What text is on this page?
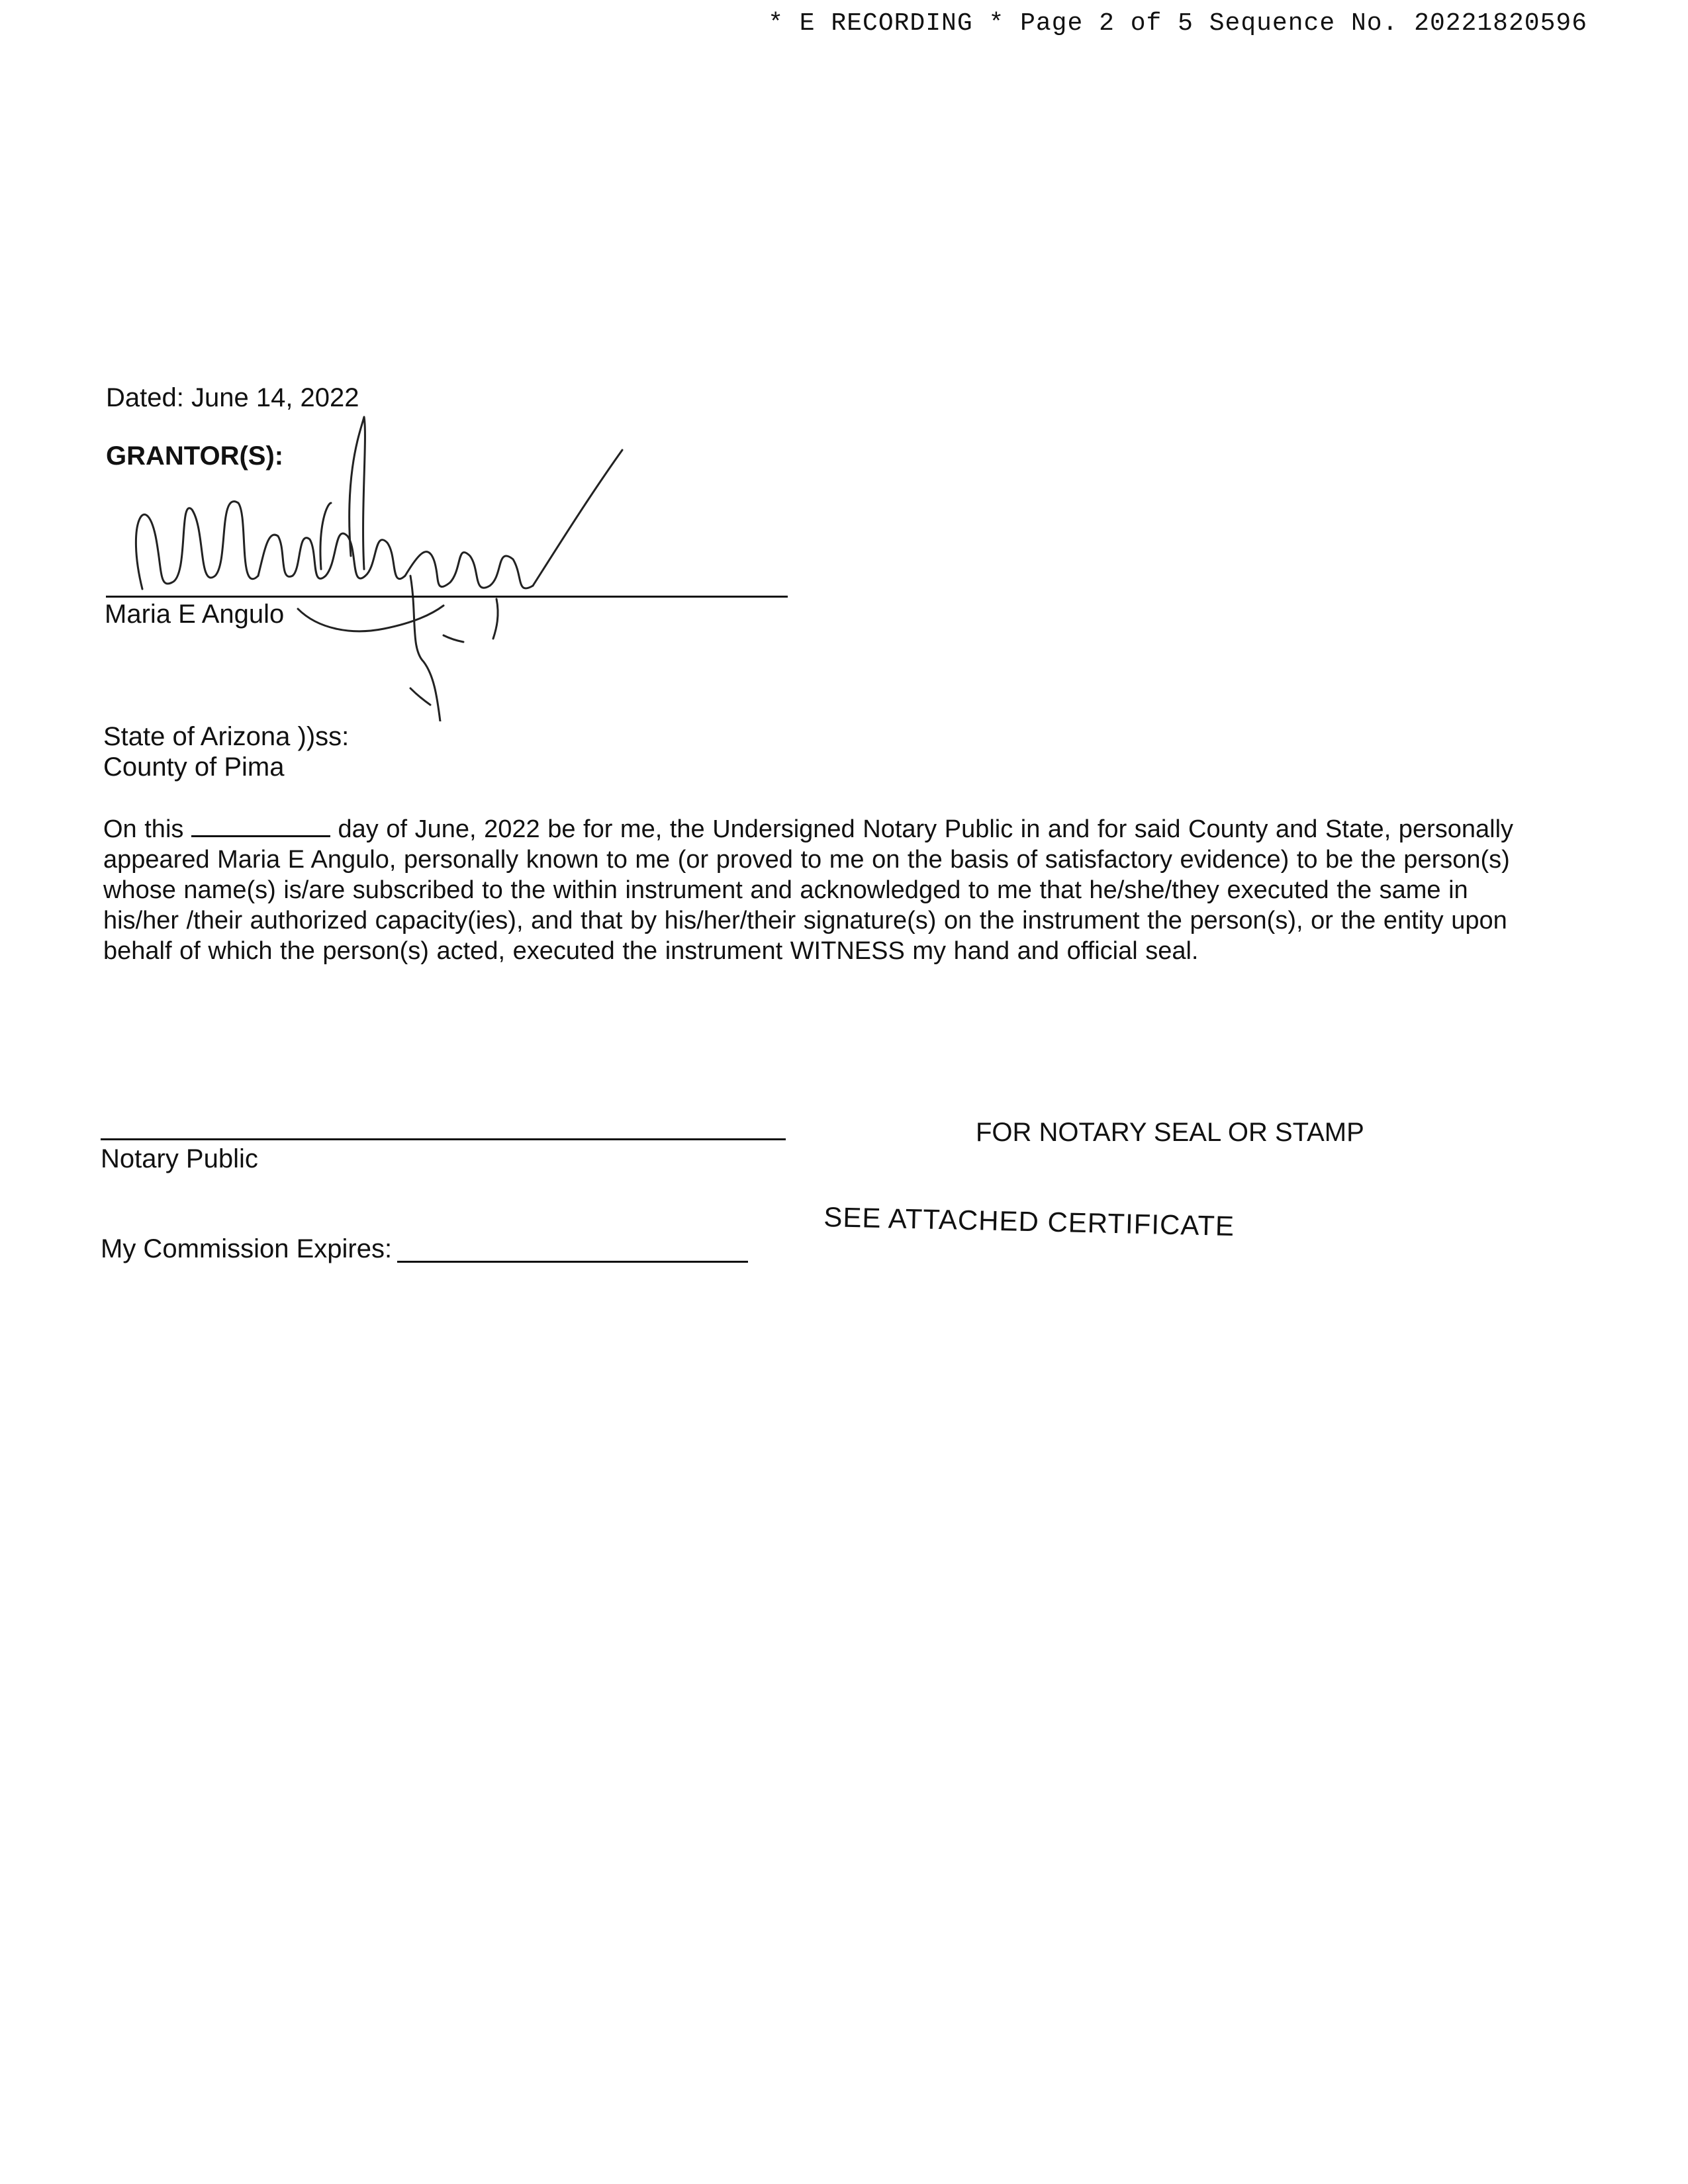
* E RECORDING * Page 2 of 5 Sequence No. 20221820596
Dated: June 14, 2022
GRANTOR(S):
Maria E Angulo
State of Arizona ))ss:
County of Pima
On this	day of June, 2022 be for me, the Undersigned Notary Public in and for said County and State, personally appeared Maria E Angulo, personally known to me (or proved to me on the basis of satisfactory evidence) to be the person(s) whose name(s) is/are subscribed to the within instrument and acknowledged to me that he/she/they executed the same in his/her /their authorized capacity(ies), and that by his/her/their signature(s) on the instrument the person(s), or the entity upon behalf of which the person(s) acted, executed the instrument WITNESS my hand and official seal.
Notary Public
My Commission Expires:
FOR NOTARY SEAL OR STAMP
SEE ATTACHED CERTIFICATE
